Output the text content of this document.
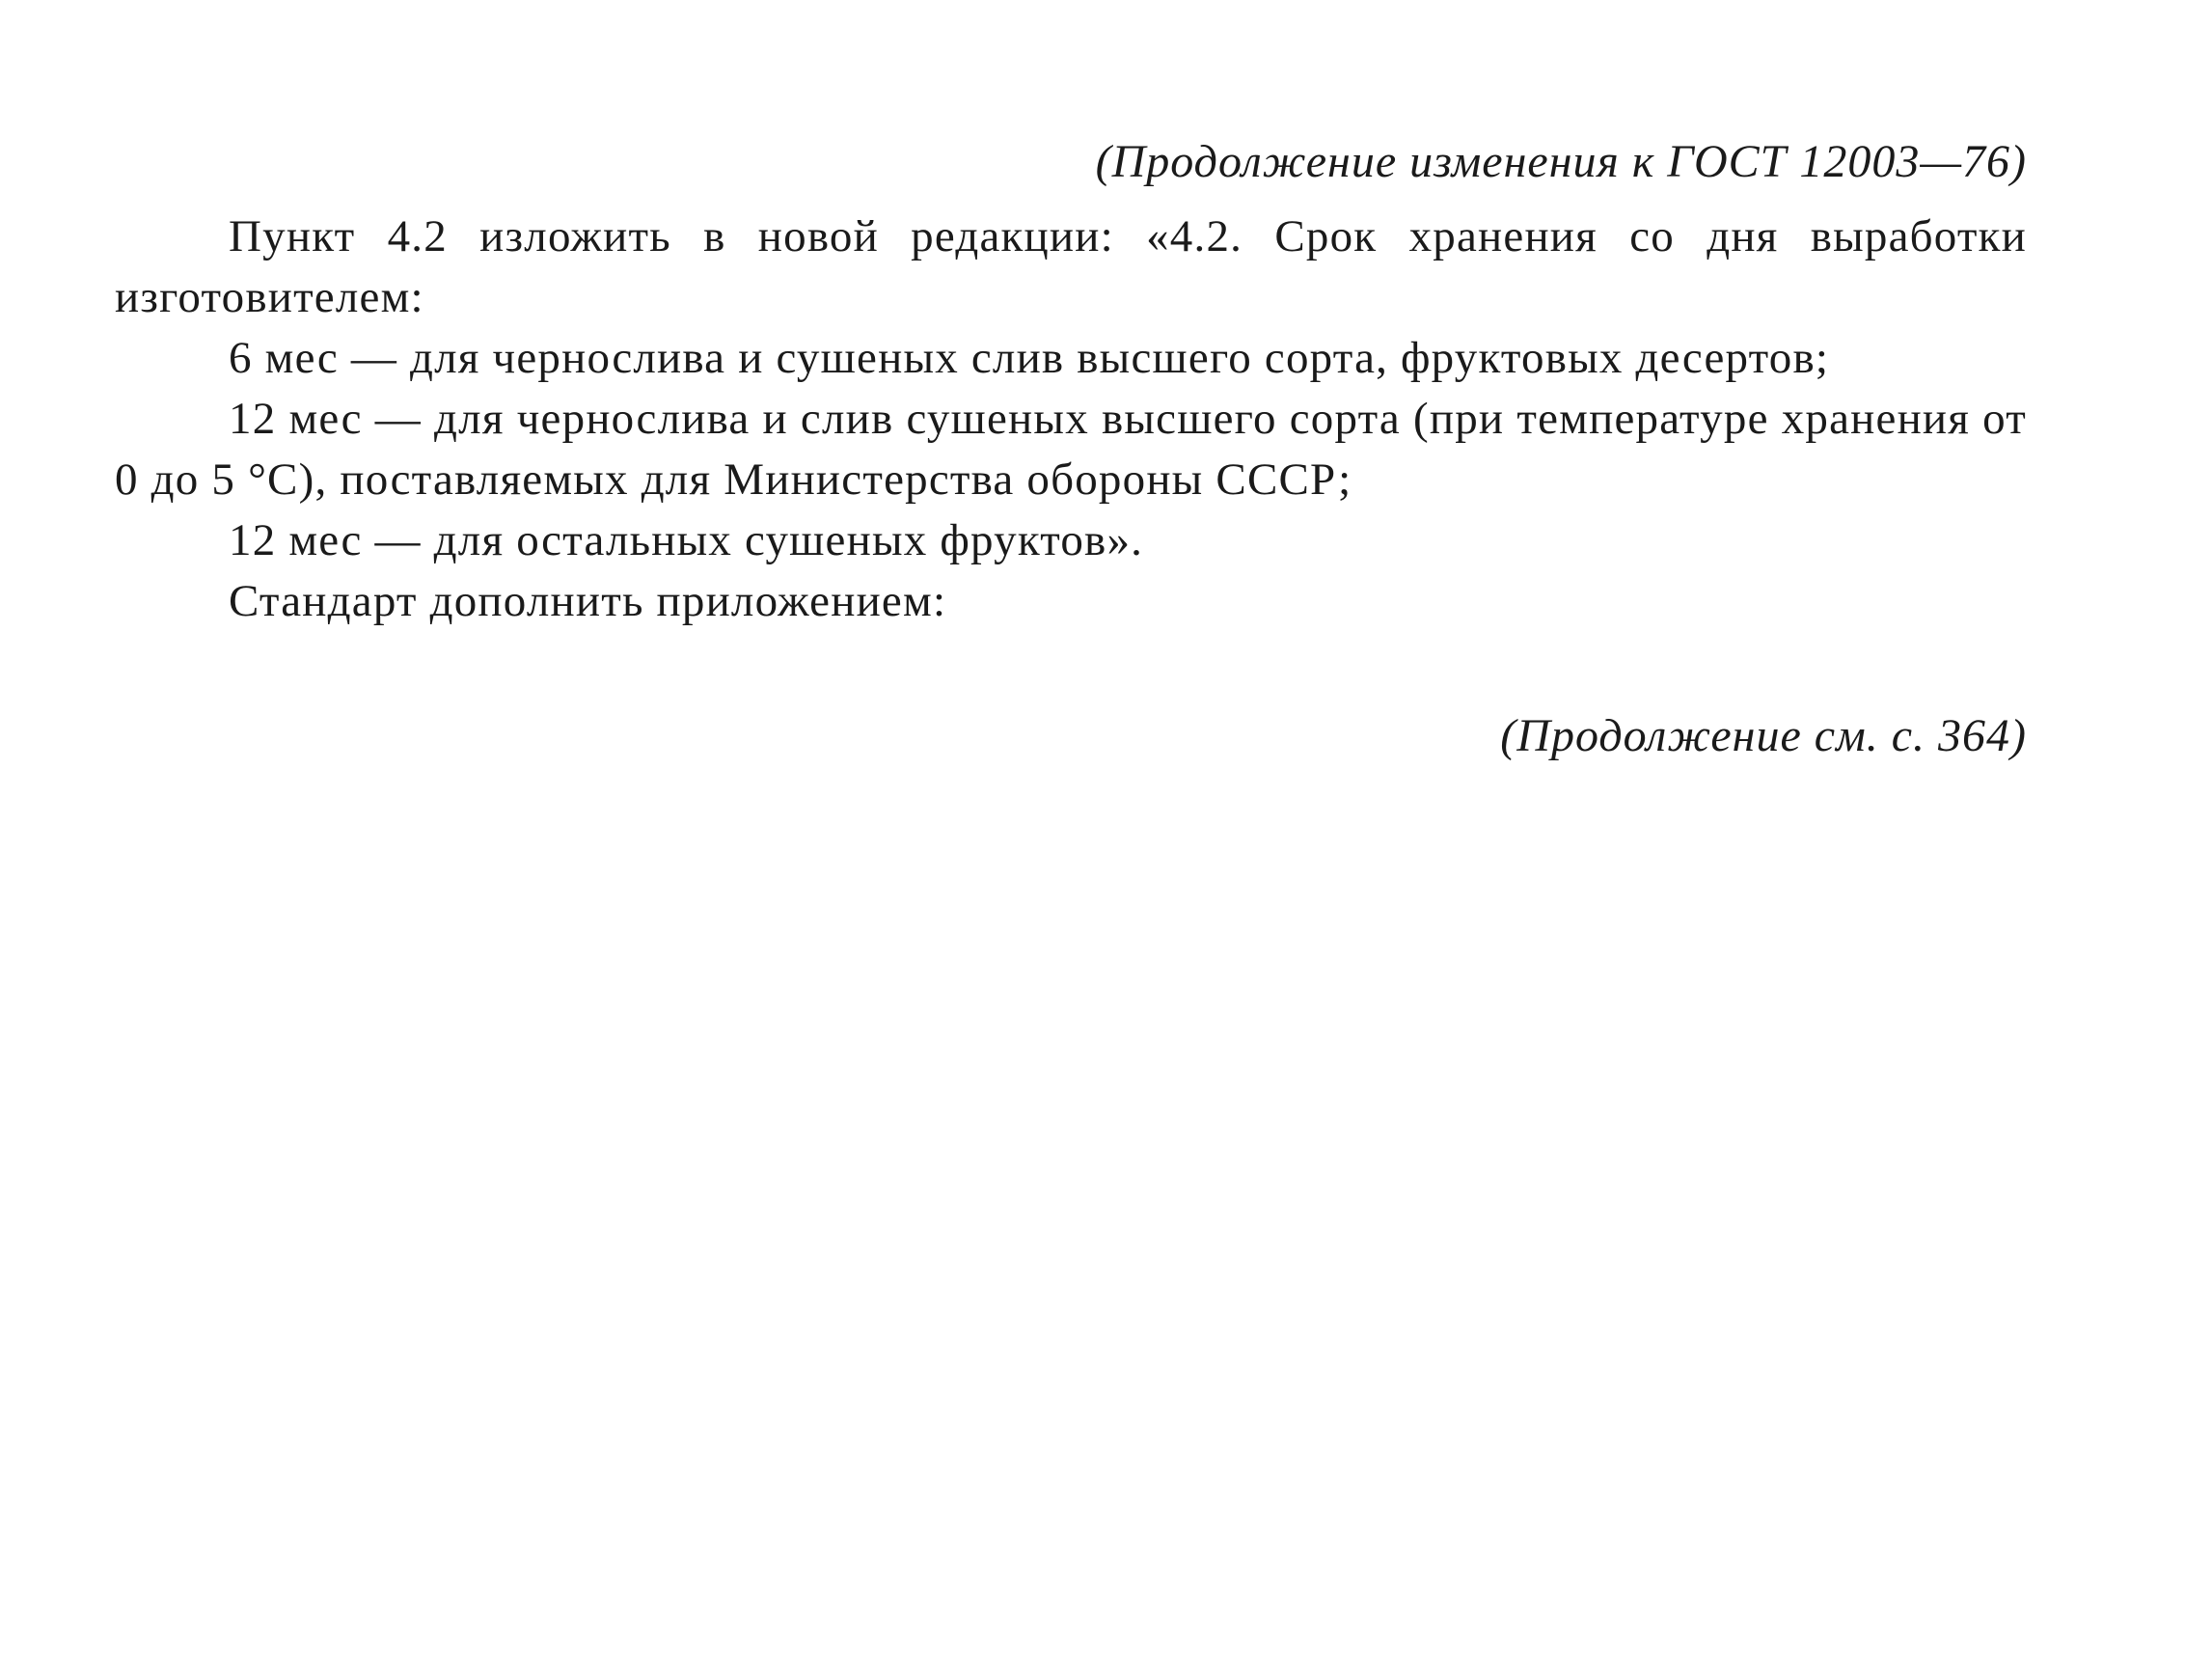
(Продолжение изменения к ГОСТ 12003—76)

Пункт 4.2 изложить в новой редакции: «4.2. Срок хранения со дня выработки изготовителем:

6 мес — для чернослива и сушеных слив высшего сорта, фруктовых десертов;

12 мес — для чернослива и слив сушеных высшего сорта (при температуре хранения от 0 до 5 °С), поставляемых для Министерства обороны СССР;

12 мес — для остальных сушеных фруктов».

Стандарт дополнить приложением:

(Продолжение см. с. 364)
